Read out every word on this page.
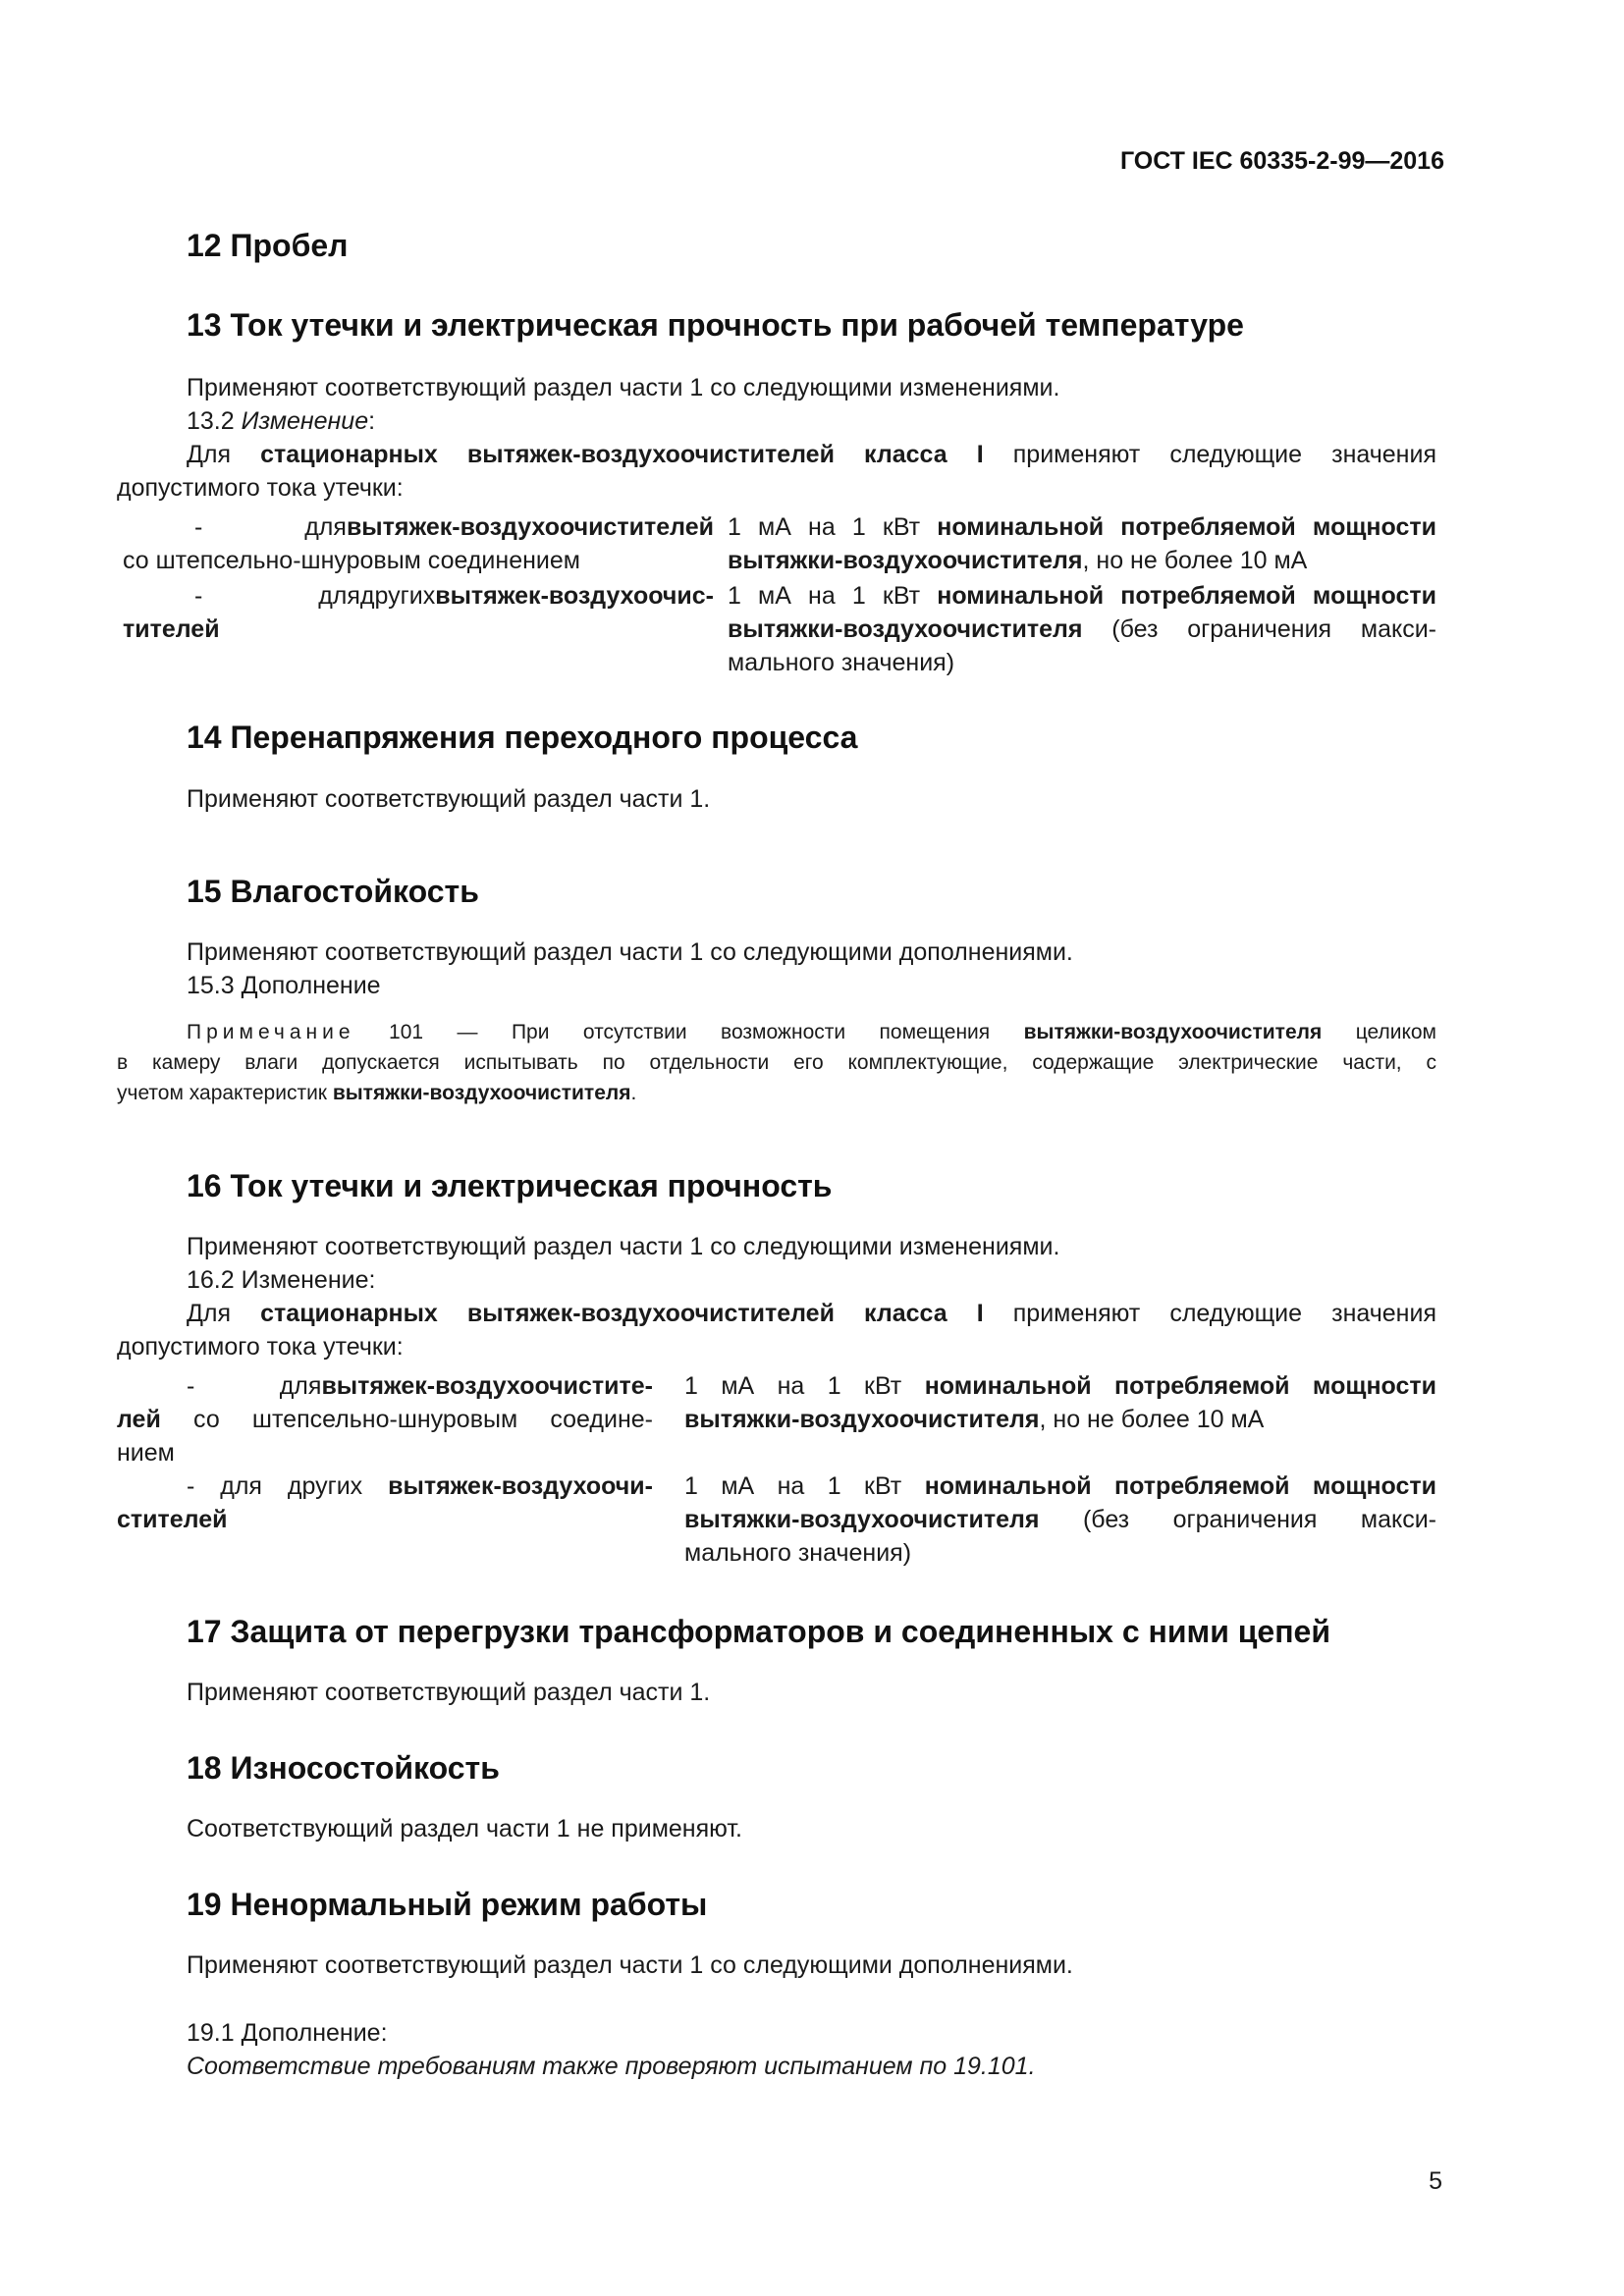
ГОСТ IEC 60335-2-99—2016
12 Пробел
13 Ток утечки и электрическая прочность при рабочей температуре

Применяют соответствующий раздел части 1 со следующими изменениями.

13.2 Изменение:

Для стационарных вытяжек-воздухоочистителей класса I применяют следующие значения

допустимого тока утечки:

- длявытяжек-воздухоочистителей
со штепсельно-шнуровым соединением
1 мА на 1 кВт номинальной потребляемой мощности
вытяжки-воздухоочистителя, но не более 10 мА
- длядругихвытяжек-воздухоочис-
тителей
1 мА на 1 кВт номинальной потребляемой мощности
вытяжки-воздухоочистителя (без ограничения макси-
мального значения)
14 Перенапряжения переходного процесса

Применяют соответствующий раздел части 1.

15 Влагостойкость

Применяют соответствующий раздел части 1 со следующими дополнениями.

15.3 Дополнение

Примечание 101 — При отсутствии возможности помещения вытяжки-воздухоочистителя целиком
в камеру влаги допускается испытывать по отдельности его комплектующие, содержащие электрические части, с
учетом характеристик вытяжки-воздухоочистителя.
16 Ток утечки и электрическая прочность

Применяют соответствующий раздел части 1 со следующими изменениями.

16.2 Изменение:

Для стационарных вытяжек-воздухоочистителей класса I применяют следующие значения

допустимого тока утечки:

- длявытяжек-воздухоочистите-
лей со штепсельно-шнуровым соедине-
нием
1 мА на 1 кВт номинальной потребляемой мощности
вытяжки-воздухоочистителя, но не более 10 мА
- для других вытяжек-воздухоочи-
стителей
1 мА на 1 кВт номинальной потребляемой мощности
вытяжки-воздухоочистителя (без ограничения макси-
мального значения)
17 Защита от перегрузки трансформаторов и соединенных с ними цепей

Применяют соответствующий раздел части 1.

18 Износостойкость

Соответствующий раздел части 1 не применяют.

19 Ненормальный режим работы

Применяют соответствующий раздел части 1 со следующими дополнениями.

19.1 Дополнение:

Соответствие требованиям также проверяют испытанием по 19.101.

5
